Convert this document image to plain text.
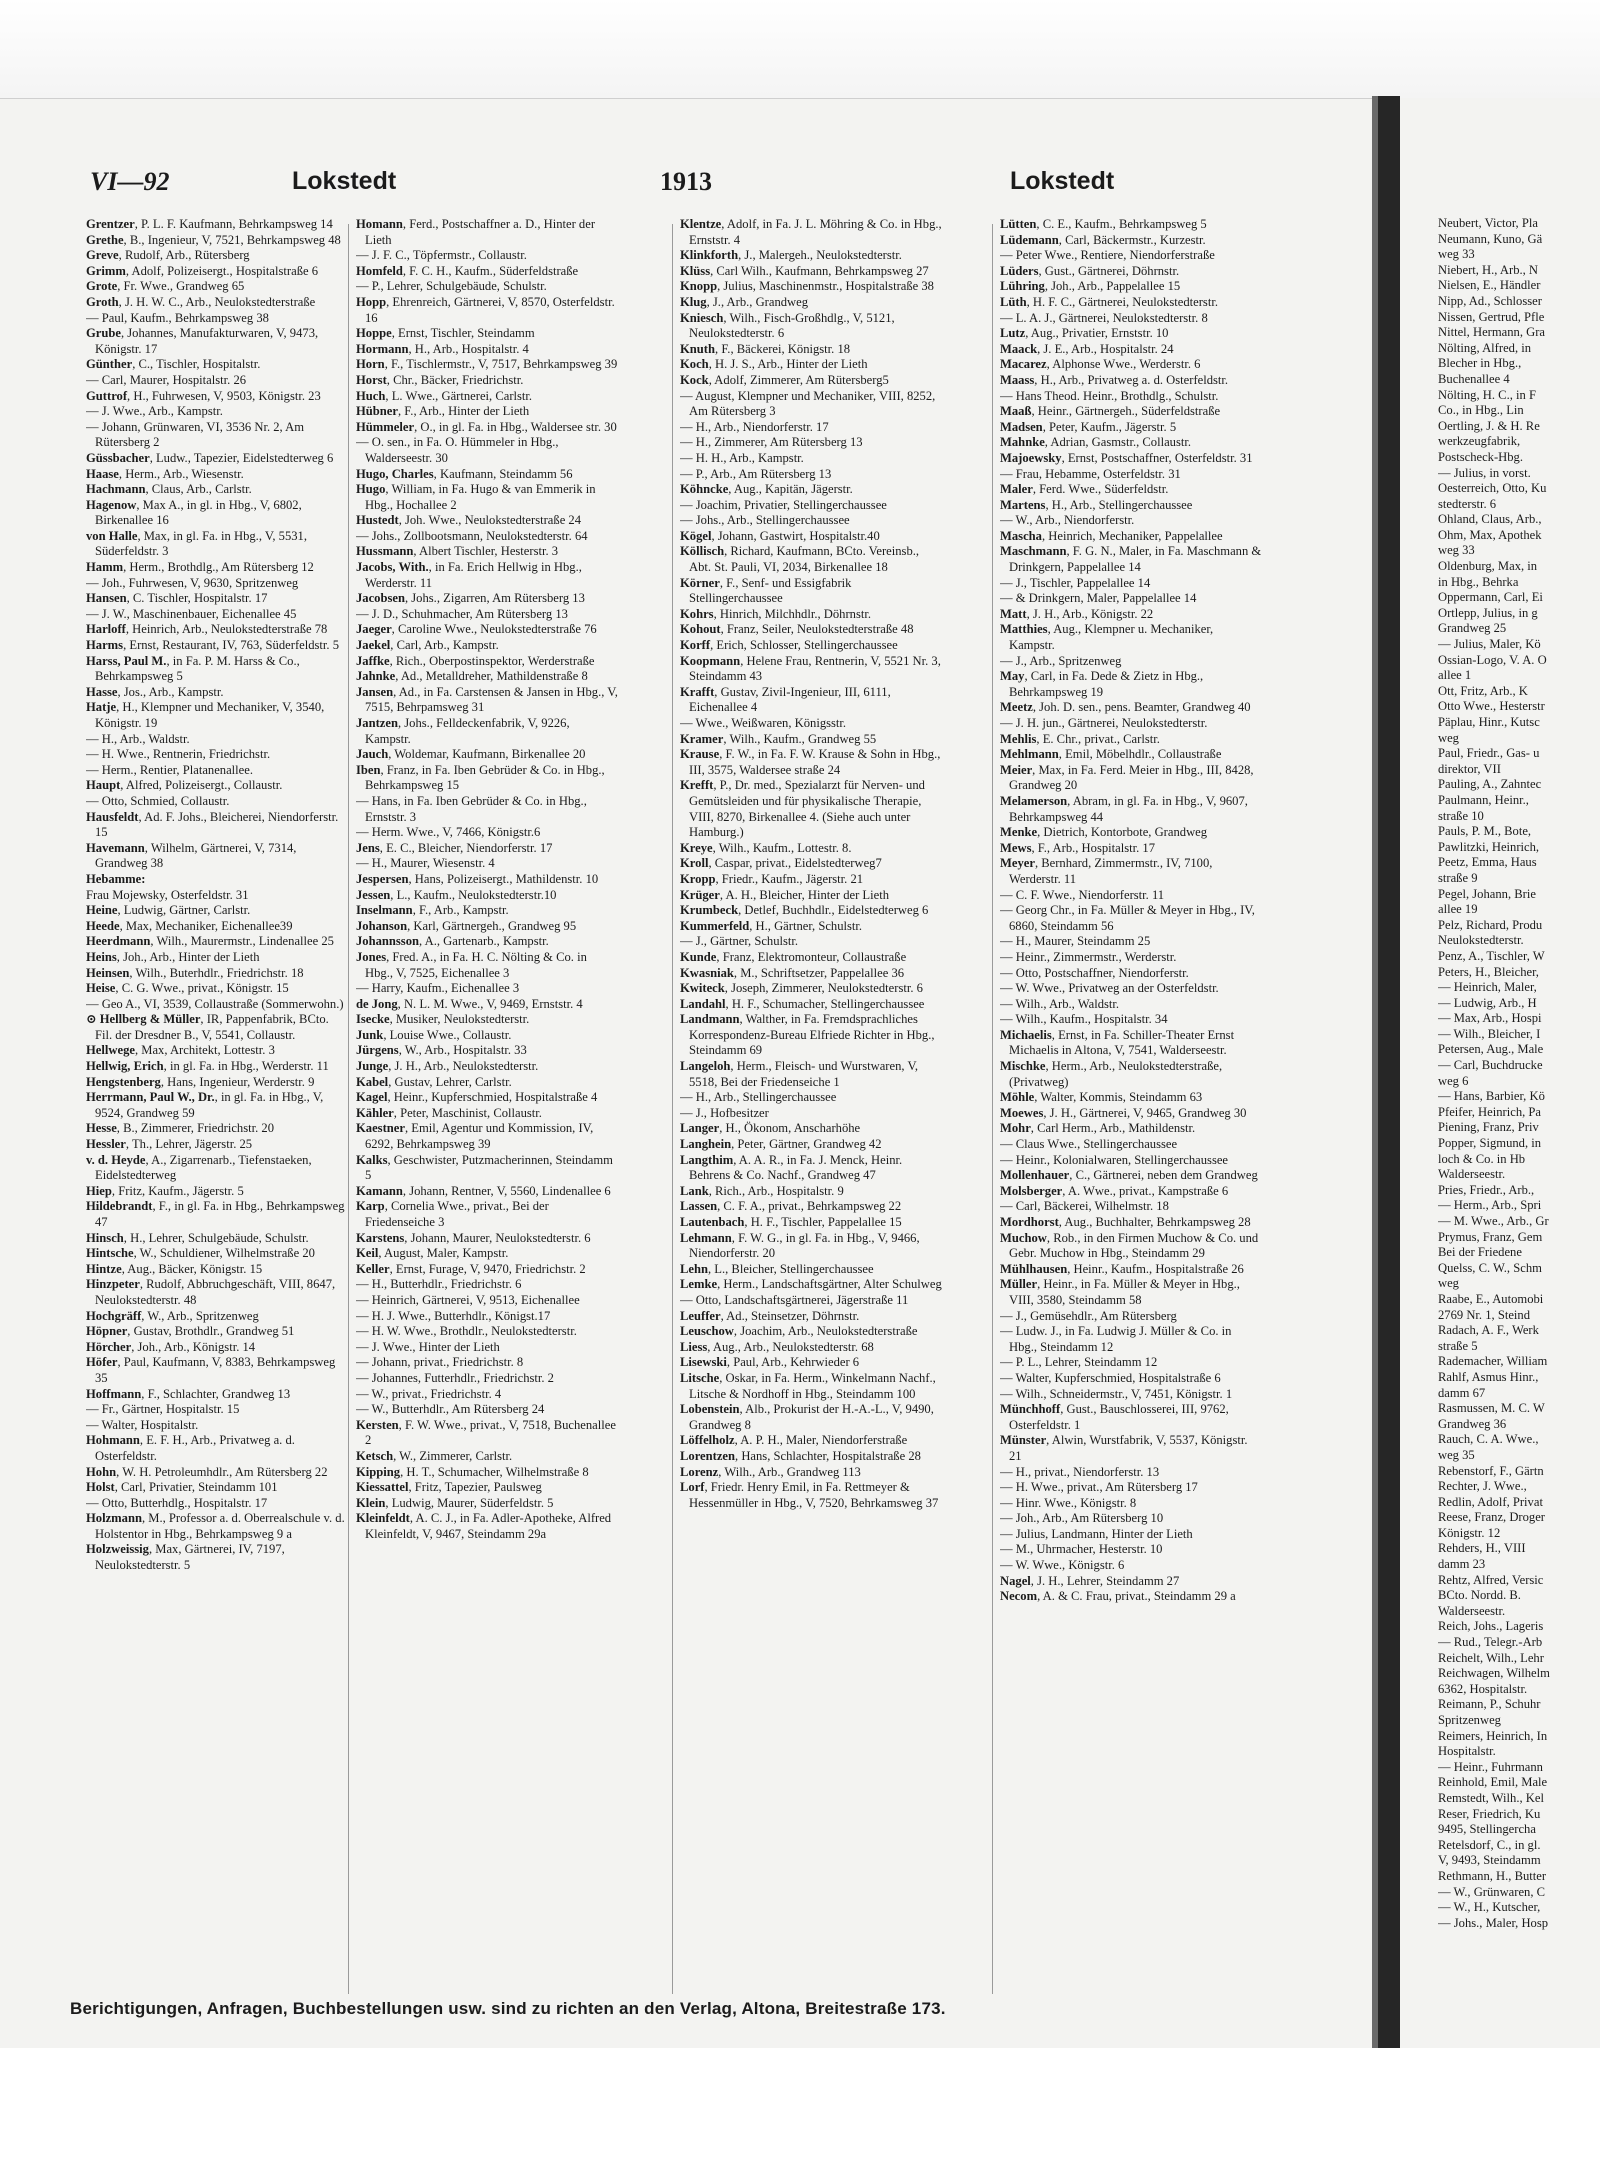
VI—92	Lokstedt	1913	Lokstedt

Grentzer, P. L. F. Kaufmann, Behrkampsweg 14

Grethe, B., Ingenieur, V, 7521, Behrkampsweg 48

Greve, Rudolf, Arb., Rütersberg

Grimm, Adolf, Polizeisergt., Hospitalstraße 6

Grote, Fr. Wwe., Grandweg 65

Groth, J. H. W. C., Arb., Neulokstedterstraße

— Paul, Kaufm., Behrkampsweg 38

Grube, Johannes, Manufakturwaren, V, 9473, Königstr. 17

Günther, C., Tischler, Hospitalstr.

— Carl, Maurer, Hospitalstr. 26

Guttrof, H., Fuhrwesen, V, 9503, Königstr. 23

— J. Wwe., Arb., Kampstr.

— Johann, Grünwaren, VI, 3536 Nr. 2, Am Rütersberg 2

Güssbacher, Ludw., Tapezier, Eidelstedterweg 6

Haase, Herm., Arb., Wiesenstr.

Hachmann, Claus, Arb., Carlstr.

Hagenow, Max A., in gl. in Hbg., V, 6802, Birkenallee 16

von Halle, Max, in gl. Fa. in Hbg., V, 5531, Süderfeldstr. 3

Hamm, Herm., Brothdlg., Am Rütersberg 12

— Joh., Fuhrwesen, V, 9630, Spritzenweg

Hansen, C. Tischler, Hospitalstr. 17

— J. W., Maschinenbauer, Eichenallee 45

Harloff, Heinrich, Arb., Neulokstedterstraße 78

Harms, Ernst, Restaurant, IV, 763, Süderfeldstr. 5

Harss, Paul M., in Fa. P. M. Harss & Co., Behrkampsweg 5

Hasse, Jos., Arb., Kampstr.

Hatje, H., Klempner und Mechaniker, V, 3540, Königstr. 19

— H., Arb., Waldstr.

— H. Wwe., Rentnerin, Friedrichstr.

— Herm., Rentier, Platanenallee.

Haupt, Alfred, Polizeisergt., Collaustr.

— Otto, Schmied, Collaustr.

Hausfeldt, Ad. F. Johs., Bleicherei, Niendorferstr. 15

Havemann, Wilhelm, Gärtnerei, V, 7314, Grandweg 38

Hebamme:

Frau Mojewsky, Osterfeldstr. 31

Heine, Ludwig, Gärtner, Carlstr.

Heede, Max, Mechaniker, Eichenallee39

Heerdmann, Wilh., Maurermstr., Lindenallee 25

Heins, Joh., Arb., Hinter der Lieth

Heinsen, Wilh., Buterhdlr., Friedrichstr. 18

Heise, C. G. Wwe., privat., Königstr. 15

— Geo A., VI, 3539, Collaustraße (Sommerwohn.)

⊙ Hellberg & Müller, IR, Pappenfabrik, BCto. Fil. der Dresdner B., V, 5541, Collaustr.

Hellwege, Max, Architekt, Lottestr. 3

Hellwig, Erich, in gl. Fa. in Hbg., Werderstr. 11

Hengstenberg, Hans, Ingenieur, Werderstr. 9

Herrmann, Paul W., Dr., in gl. Fa. in Hbg., V, 9524, Grandweg 59

Hesse, B., Zimmerer, Friedrichstr. 20

Hessler, Th., Lehrer, Jägerstr. 25

v. d. Heyde, A., Zigarrenarb., Tiefenstaeken, Eidelstedterweg

Hiep, Fritz, Kaufm., Jägerstr. 5

Hildebrandt, F., in gl. Fa. in Hbg., Behrkampsweg 47

Hinsch, H., Lehrer, Schulgebäude, Schulstr.

Hintsche, W., Schuldiener, Wilhelmstraße 20

Hintze, Aug., Bäcker, Königstr. 15

Hinzpeter, Rudolf, Abbruchgeschäft, VIII, 8647, Neulokstedterstr. 48

Hochgräff, W., Arb., Spritzenweg

Höpner, Gustav, Brothdlr., Grandweg 51

Hörcher, Joh., Arb., Königstr. 14

Höfer, Paul, Kaufmann, V, 8383, Behrkampsweg 35

Hoffmann, F., Schlachter, Grandweg 13

— Fr., Gärtner, Hospitalstr. 15

— Walter, Hospitalstr.

Hohmann, E. F. H., Arb., Privatweg a. d. Osterfeldstr.

Hohn, W. H. Petroleumhdlr., Am Rütersberg 22

Holst, Carl, Privatier, Steindamm 101

— Otto, Butterhdlg., Hospitalstr. 17

Holzmann, M., Professor a. d. Oberrealschule v. d. Holstentor in Hbg., Behrkampsweg 9 a

Holzweissig, Max, Gärtnerei, IV, 7197, Neulokstedterstr. 5

Homann, Ferd., Postschaffner a. D., Hinter der Lieth

— J. F. C., Töpfermstr., Collaustr.

Homfeld, F. C. H., Kaufm., Süderfeldstraße

— P., Lehrer, Schulgebäude, Schulstr.

Hopp, Ehrenreich, Gärtnerei, V, 8570, Osterfeldstr. 16

Hoppe, Ernst, Tischler, Steindamm

Hormann, H., Arb., Hospitalstr. 4

Horn, F., Tischlermstr., V, 7517, Behrkampsweg 39

Horst, Chr., Bäcker, Friedrichstr.

Huch, L. Wwe., Gärtnerei, Carlstr.

Hübner, F., Arb., Hinter der Lieth

Hümmeler, O., in gl. Fa. in Hbg., Waldersee str. 30

— O. sen., in Fa. O. Hümmeler in Hbg., Walderseestr. 30

Hugo, Charles, Kaufmann, Steindamm 56

Hugo, William, in Fa. Hugo & van Emmerik in Hbg., Hochallee 2

Hustedt, Joh. Wwe., Neulokstedterstraße 24

— Johs., Zollbootsmann, Neulokstedterstr. 64

Hussmann, Albert Tischler, Hesterstr. 3

Jacobs, With., in Fa. Erich Hellwig in Hbg., Werderstr. 11

Jacobsen, Johs., Zigarren, Am Rütersberg 13

— J. D., Schuhmacher, Am Rütersberg 13

Jaeger, Caroline Wwe., Neulokstedterstraße 76

Jaekel, Carl, Arb., Kampstr.

Jaffke, Rich., Oberpostinspektor, Werderstraße

Jahnke, Ad., Metalldreher, Mathildenstraße 8

Jansen, Ad., in Fa. Carstensen & Jansen in Hbg., V, 7515, Behrpamsweg 31

Jantzen, Johs., Felldeckenfabrik, V, 9226, Kampstr.

Jauch, Woldemar, Kaufmann, Birkenallee 20

Iben, Franz, in Fa. Iben Gebrüder & Co. in Hbg., Behrkampsweg 15

— Hans, in Fa. Iben Gebrüder & Co. in Hbg., Ernststr. 3

— Herm. Wwe., V, 7466, Königstr.6

Jens, E. C., Bleicher, Niendorferstr. 17

— H., Maurer, Wiesenstr. 4

Jespersen, Hans, Polizeisergt., Mathildenstr. 10

Jessen, L., Kaufm., Neulokstedterstr.10

Inselmann, F., Arb., Kampstr.

Johanson, Karl, Gärtnergeh., Grandweg 95

Johannsson, A., Gartenarb., Kampstr.

Jones, Fred. A., in Fa. H. C. Nölting & Co. in Hbg., V, 7525, Eichenallee 3

— Harry, Kaufm., Eichenallee 3

de Jong, N. L. M. Wwe., V, 9469, Ernststr. 4

Isecke, Musiker, Neulokstedterstr.

Junk, Louise Wwe., Collaustr.

Jürgens, W., Arb., Hospitalstr. 33

Junge, J. H., Arb., Neulokstedterstr.

Kabel, Gustav, Lehrer, Carlstr.

Kagel, Heinr., Kupferschmied, Hospitalstraße 4

Kähler, Peter, Maschinist, Collaustr.

Kaestner, Emil, Agentur und Kommission, IV, 6292, Behrkampsweg 39

Kalks, Geschwister, Putzmacherinnen, Steindamm 5

Kamann, Johann, Rentner, V, 5560, Lindenallee 6

Karp, Cornelia Wwe., privat., Bei der Friedenseiche 3

Karstens, Johann, Maurer, Neulokstedterstr. 6

Keil, August, Maler, Kampstr.

Keller, Ernst, Furage, V, 9470, Friedrichstr. 2

— H., Butterhdlr., Friedrichstr. 6

— Heinrich, Gärtnerei, V, 9513, Eichenallee

— H. J. Wwe., Butterhdlr., Königst.17

— H. W. Wwe., Brothdlr., Neulokstedterstr.

— J. Wwe., Hinter der Lieth

— Johann, privat., Friedrichstr. 8

— Johannes, Futterhdlr., Friedrichstr. 2

— W., privat., Friedrichstr. 4

— W., Butterhdlr., Am Rütersberg 24

Kersten, F. W. Wwe., privat., V, 7518, Buchenallee 2

Ketsch, W., Zimmerer, Carlstr.

Kipping, H. T., Schumacher, Wilhelmstraße 8

Kiessattel, Fritz, Tapezier, Paulsweg

Klein, Ludwig, Maurer, Süderfeldstr. 5

Kleinfeldt, A. C. J., in Fa. Adler-Apotheke, Alfred Kleinfeldt, V, 9467, Steindamm 29a

Klentze, Adolf, in Fa. J. L. Möhring & Co. in Hbg., Ernststr. 4

Klinkforth, J., Malergeh., Neulokstedterstr.

Klüss, Carl Wilh., Kaufmann, Behrkampsweg 27

Knopp, Julius, Maschinenmstr., Hospitalstraße 38

Klug, J., Arb., Grandweg

Kniesch, Wilh., Fisch-Großhdlg., V, 5121, Neulokstedterstr. 6

Knuth, F., Bäckerei, Königstr. 18

Koch, H. J. S., Arb., Hinter der Lieth

Kock, Adolf, Zimmerer, Am Rütersberg5

— August, Klempner und Mechaniker, VIII, 8252, Am Rütersberg 3

— H., Arb., Niendorferstr. 17

— H., Zimmerer, Am Rütersberg 13

— H. H., Arb., Kampstr.

— P., Arb., Am Rütersberg 13

Köhncke, Aug., Kapitän, Jägerstr.

— Joachim, Privatier, Stellingerchaussee

— Johs., Arb., Stellingerchaussee

Kögel, Johann, Gastwirt, Hospitalstr.40

Köllisch, Richard, Kaufmann, BCto. Vereinsb., Abt. St. Pauli, VI, 2034, Birkenallee 18

Körner, F., Senf- und Essigfabrik Stellingerchaussee

Kohrs, Hinrich, Milchhdlr., Döhrnstr.

Kohout, Franz, Seiler, Neulokstedterstraße 48

Korff, Erich, Schlosser, Stellingerchaussee

Koopmann, Helene Frau, Rentnerin, V, 5521 Nr. 3, Steindamm 43

Krafft, Gustav, Zivil-Ingenieur, III, 6111, Eichenallee 4

— Wwe., Weißwaren, Königsstr.

Kramer, Wilh., Kaufm., Grandweg 55

Krause, F. W., in Fa. F. W. Krause & Sohn in Hbg., III, 3575, Waldersee straße 24

Krefft, P., Dr. med., Spezialarzt für Nerven- und Gemütsleiden und für physikalische Therapie, VIII, 8270, Birkenallee 4. (Siehe auch unter Hamburg.)

Kreye, Wilh., Kaufm., Lottestr. 8.

Kroll, Caspar, privat., Eidelstedterweg7

Kropp, Friedr., Kaufm., Jägerstr. 21

Krüger, A. H., Bleicher, Hinter der Lieth

Krumbeck, Detlef, Buchhdlr., Eidelstedterweg 6

Kummerfeld, H., Gärtner, Schulstr.

— J., Gärtner, Schulstr.

Kunde, Franz, Elektromonteur, Collaustraße

Kwasniak, M., Schriftsetzer, Pappelallee 36

Kwiteck, Joseph, Zimmerer, Neulokstedterstr. 6

Landahl, H. F., Schumacher, Stellingerchaussee

Landmann, Walther, in Fa. Fremdsprachliches Korrespondenz-Bureau Elfriede Richter in Hbg., Steindamm 69

Langeloh, Herm., Fleisch- und Wurstwaren, V, 5518, Bei der Friedenseiche 1

— H., Arb., Stellingerchaussee

— J., Hofbesitzer

Langer, H., Ökonom, Anscharhöhe

Langhein, Peter, Gärtner, Grandweg 42

Langthim, A. A. R., in Fa. J. Menck, Heinr. Behrens & Co. Nachf., Grandweg 47

Lank, Rich., Arb., Hospitalstr. 9

Lassen, C. F. A., privat., Behrkampsweg 22

Lautenbach, H. F., Tischler, Pappelallee 15

Lehmann, F. W. G., in gl. Fa. in Hbg., V, 9466, Niendorferstr. 20

Lehn, L., Bleicher, Stellingerchaussee

Lemke, Herm., Landschaftsgärtner, Alter Schulweg

— Otto, Landschaftsgärtnerei, Jägerstraße 11

Leuffer, Ad., Steinsetzer, Döhrnstr.

Leuschow, Joachim, Arb., Neulokstedterstraße

Liess, Aug., Arb., Neulokstedterstr. 68

Lisewski, Paul, Arb., Kehrwieder 6

Litsche, Oskar, in Fa. Herm., Winkelmann Nachf., Litsche & Nordhoff in Hbg., Steindamm 100

Lobenstein, Alb., Prokurist der H.-A.-L., V, 9490, Grandweg 8

Löffelholz, A. P. H., Maler, Niendorferstraße

Lorentzen, Hans, Schlachter, Hospitalstraße 28

Lorenz, Wilh., Arb., Grandweg 113

Lorf, Friedr. Henry Emil, in Fa. Rettmeyer & Hessenmüller in Hbg., V, 7520, Behrkamsweg 37

Lütten, C. E., Kaufm., Behrkampsweg 5

Lüdemann, Carl, Bäckermstr., Kurzestr.

— Peter Wwe., Rentiere, Niendorferstraße

Lüders, Gust., Gärtnerei, Döhrnstr.

Lühring, Joh., Arb., Pappelallee 15

Lüth, H. F. C., Gärtnerei, Neulokstedterstr.

— L. A. J., Gärtnerei, Neulokstedterstr. 8

Lutz, Aug., Privatier, Ernststr. 10

Maack, J. E., Arb., Hospitalstr. 24

Macarez, Alphonse Wwe., Werderstr. 6

Maass, H., Arb., Privatweg a. d. Osterfeldstr.

— Hans Theod. Heinr., Brothdlg., Schulstr.

Maaß, Heinr., Gärtnergeh., Süderfeldstraße

Madsen, Peter, Kaufm., Jägerstr. 5

Mahnke, Adrian, Gasmstr., Collaustr.

Majoewsky, Ernst, Postschaffner, Osterfeldstr. 31

— Frau, Hebamme, Osterfeldstr. 31

Maler, Ferd. Wwe., Süderfeldstr.

Martens, H., Arb., Stellingerchaussee

— W., Arb., Niendorferstr.

Mascha, Heinrich, Mechaniker, Pappelallee

Maschmann, F. G. N., Maler, in Fa. Maschmann & Drinkgern, Pappelallee 14

— J., Tischler, Pappelallee 14

— & Drinkgern, Maler, Pappelallee 14

Matt, J. H., Arb., Königstr. 22

Matthies, Aug., Klempner u. Mechaniker, Kampstr.

— J., Arb., Spritzenweg

May, Carl, in Fa. Dede & Zietz in Hbg., Behrkampsweg 19

Meetz, Joh. D. sen., pens. Beamter, Grandweg 40

— J. H. jun., Gärtnerei, Neulokstedterstr.

Mehlis, E. Chr., privat., Carlstr.

Mehlmann, Emil, Möbelhdlr., Collaustraße

Meier, Max, in Fa. Ferd. Meier in Hbg., III, 8428, Grandweg 20

Melamerson, Abram, in gl. Fa. in Hbg., V, 9607, Behrkampsweg 44

Menke, Dietrich, Kontorbote, Grandweg

Mews, F., Arb., Hospitalstr. 17

Meyer, Bernhard, Zimmermstr., IV, 7100, Werderstr. 11

— C. F. Wwe., Niendorferstr. 11

— Georg Chr., in Fa. Müller & Meyer in Hbg., IV, 6860, Steindamm 56

— H., Maurer, Steindamm 25

— Heinr., Zimmermstr., Werderstr.

— Otto, Postschaffner, Niendorferstr.

— W. Wwe., Privatweg an der Osterfeldstr.

— Wilh., Arb., Waldstr.

— Wilh., Kaufm., Hospitalstr. 34

Michaelis, Ernst, in Fa. Schiller-Theater Ernst Michaelis in Altona, V, 7541, Walderseestr.

Mischke, Herm., Arb., Neulokstedterstraße, (Privatweg)

Möhle, Walter, Kommis, Steindamm 63

Moewes, J. H., Gärtnerei, V, 9465, Grandweg 30

Mohr, Carl Herm., Arb., Mathildenstr.

— Claus Wwe., Stellingerchaussee

— Heinr., Kolonialwaren, Stellingerchaussee

Mollenhauer, C., Gärtnerei, neben dem Grandweg

Molsberger, A. Wwe., privat., Kampstraße 6

— Carl, Bäckerei, Wilhelmstr. 18

Mordhorst, Aug., Buchhalter, Behrkampsweg 28

Muchow, Rob., in den Firmen Muchow & Co. und Gebr. Muchow in Hbg., Steindamm 29

Mühlhausen, Heinr., Kaufm., Hospitalstraße 26

Müller, Heinr., in Fa. Müller & Meyer in Hbg., VIII, 3580, Steindamm 58

— J., Gemüsehdlr., Am Rütersberg

— Ludw. J., in Fa. Ludwig J. Müller & Co. in Hbg., Steindamm 12

— P. L., Lehrer, Steindamm 12

— Walter, Kupferschmied, Hospitalstraße 6

— Wilh., Schneidermstr., V, 7451, Königstr. 1

Münchhoff, Gust., Bauschlosserei, III, 9762, Osterfeldstr. 1

Münster, Alwin, Wurstfabrik, V, 5537, Königstr. 21

— H., privat., Niendorferstr. 13

— H. Wwe., privat., Am Rütersberg 17

— Hinr. Wwe., Königstr. 8

— Joh., Arb., Am Rütersberg 10

— Julius, Landmann, Hinter der Lieth

— M., Uhrmacher, Hesterstr. 10

— W. Wwe., Königstr. 6

Nagel, J. H., Lehrer, Steindamm 27

Necom, A. & C. Frau, privat., Steindamm 29 a

Berichtigungen, Anfragen, Buchbestellungen usw. sind zu richten an den Verlag, Altona, Breitestraße 173.
Neubert, Victor, Pla
Neumann, Kuno, Gä
weg 33
Niebert, H., Arb., N
Nielsen, E., Händler
Nipp, Ad., Schlosser
Nissen, Gertrud, Pfle
Nittel, Hermann, Gra
Nölting, Alfred, in
Blecher in Hbg.,
Buchenallee 4
Nölting, H. C., in F
Co., in Hbg., Lin
Oertling, J. & H. Re
werkzeugfabrik,
Postscheck-Hbg.
— Julius, in vorst.
Oesterreich, Otto, Ku
stedterstr. 6
Ohland, Claus, Arb.,
Ohm, Max, Apothek
weg 33
Oldenburg, Max, in
in Hbg., Behrka
Oppermann, Carl, Ei
Ortlepp, Julius, in g
Grandweg 25
— Julius, Maler, Kö
Ossian-Logo, V. A. O
allee 1
Ott, Fritz, Arb., K
Otto Wwe., Hesterstr
Päplau, Hinr., Kutsc
weg
Paul, Friedr., Gas- u
direktor, VII
Pauling, A., Zahntec
Paulmann, Heinr.,
straße 10
Pauls, P. M., Bote,
Pawlitzki, Heinrich,
Peetz, Emma, Haus
straße 9
Pegel, Johann, Brie
allee 19
Pelz, Richard, Produ
Neulokstedterstr.
Penz, A., Tischler, W
Peters, H., Bleicher,
— Heinrich, Maler,
— Ludwig, Arb., H
— Max, Arb., Hospi
— Wilh., Bleicher, I
Petersen, Aug., Male
— Carl, Buchdrucke
weg 6
— Hans, Barbier, Kö
Pfeifer, Heinrich, Pa
Piening, Franz, Priv
Popper, Sigmund, in
loch & Co. in Hb
Walderseestr.
Pries, Friedr., Arb.,
— Herm., Arb., Spri
— M. Wwe., Arb., Gr
Prymus, Franz, Gem
Bei der Friedene
Quelss, C. W., Schm
weg
Raabe, E., Automobi
2769 Nr. 1, Steind
Radach, A. F., Werk
straße 5
Rademacher, William
Rahlf, Asmus Hinr.,
damm 67
Rasmussen, M. C. W
Grandweg 36
Rauch, C. A. Wwe.,
weg 35
Rebenstorf, F., Gärtn
Rechter, J. Wwe.,
Redlin, Adolf, Privat
Reese, Franz, Droger
Königstr. 12
Rehders, H., VIII
damm 23
Rehtz, Alfred, Versic
BCto. Nordd. B.
Walderseestr.
Reich, Johs., Lageris
— Rud., Telegr.-Arb
Reichelt, Wilh., Lehr
Reichwagen, Wilhelm
6362, Hospitalstr.
Reimann, P., Schuhr
Spritzenweg
Reimers, Heinrich, In
Hospitalstr.
— Heinr., Fuhrmann
Reinhold, Emil, Male
Remstedt, Wilh., Kel
Reser, Friedrich, Ku
9495, Stellingercha
Retelsdorf, C., in gl.
V, 9493, Steindamm
Rethmann, H., Butter
— W., Grünwaren, C
— W., H., Kutscher,
— Johs., Maler, Hosp
